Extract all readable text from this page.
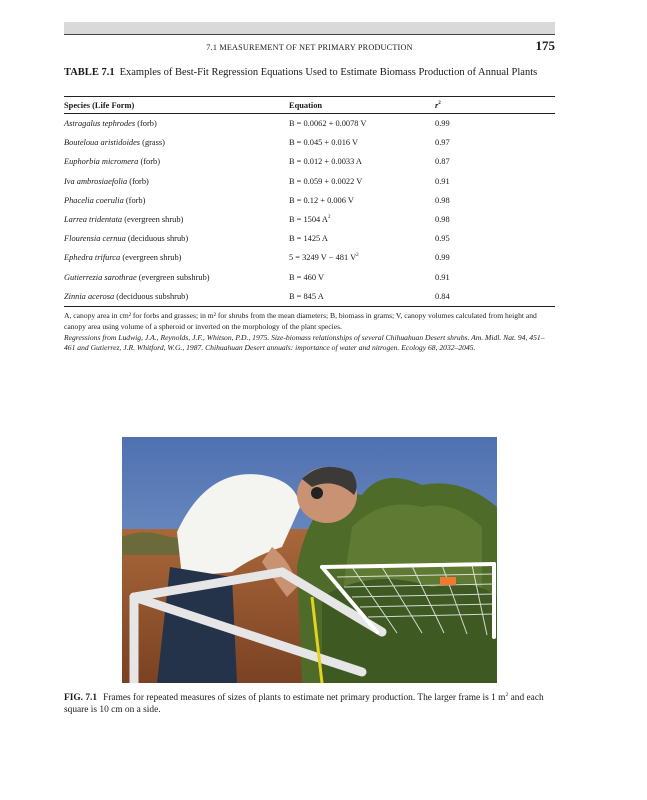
7.1 MEASUREMENT OF NET PRIMARY PRODUCTION	175
TABLE 7.1 Examples of Best-Fit Regression Equations Used to Estimate Biomass Production of Annual Plants
Species (Life Form)	Equation	$r^2$
Astragalus tephrodes (forb)	B = 0.0062 + 0.0078 V	0.99
Bouteloua aristidoides (grass)	B = 0.045 + 0.016 V	0.97
Euphorbia micromera (forb)	B = 0.012 + 0.0033 A	0.87
Iva ambrosiaefolia (forb)	B = 0.059 + 0.0022 V	0.91
Phacelia coerulia (forb)	B = 0.12 + 0.006 V	0.98
Larrea tridentata (evergreen shrub)	B = 1504 $A^2$	0.98
Flourensia cernua (deciduous shrub)	B = 1425 A	0.95
Ephedra trifurca (evergreen shrub)	5 = 3249 V − 481 $V^2$	0.99
Gutierrezia sarothrae (evergreen subshrub)	B = 460 V	0.91
Zinnia acerosa (deciduous subshrub)	B = 845 A	0.84

A, canopy area in cm² for forbs and grasses; in m² for shrubs from the mean diameters; B, biomass in grams; V, canopy volumes calculated from height and canopy area using volume of a spheroid or inverted on the morphology of the plant species.

Regressions from Ludwig, J.A., Reynolds, J.F., Whitson, P.D., 1975. Size-biomass relationships of several Chihuahuan Desert shrubs. Am. Midl. Nat. 94, 451–461 and Gutierrez, J.R. Whitford, W.G., 1987. Chihuahuan Desert annuals: importance of water and nitrogen. Ecology 68, 2032–2045.

FIG. 7.1 Frames for repeated measures of sizes of plants to estimate net primary production. The larger frame is 1 $m^2$ and each square is 10 cm on a side.
